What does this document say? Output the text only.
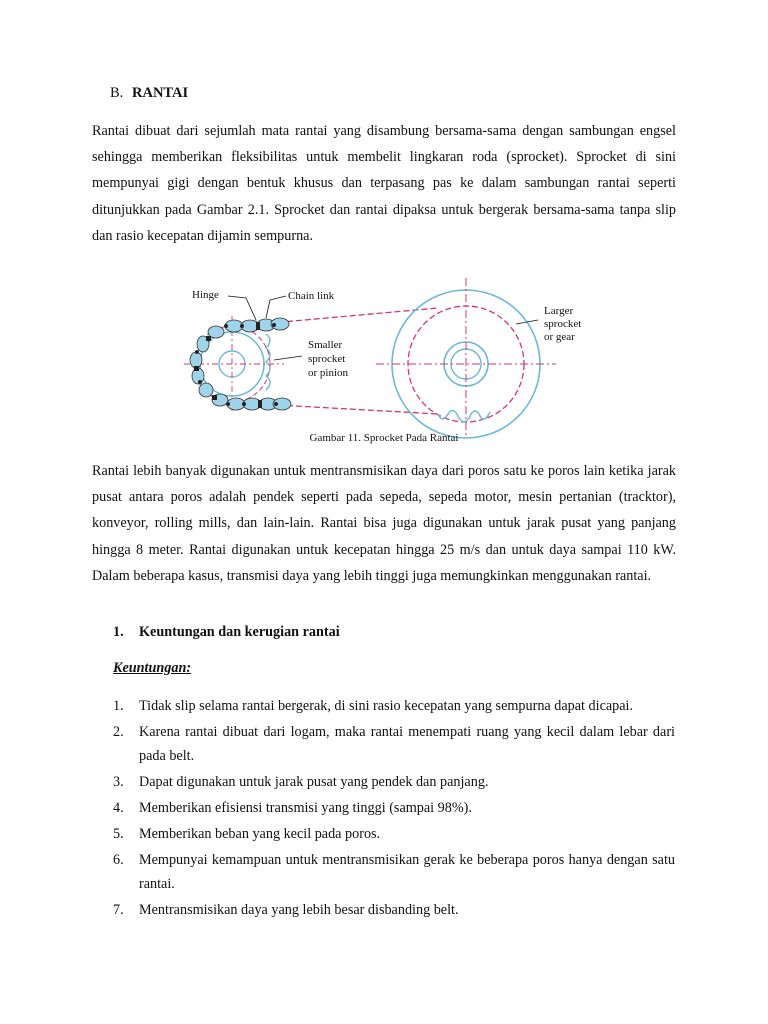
B. RANTAI

Rantai dibuat dari sejumlah mata rantai yang disambung bersama-sama dengan sambungan engsel sehingga memberikan fleksibilitas untuk membelit lingkaran roda (sprocket). Sprocket di sini mempunyai gigi dengan bentuk khusus dan terpasang pas ke dalam sambungan rantai seperti ditunjukkan pada Gambar 2.1. Sprocket dan rantai dipaksa untuk bergerak bersama-sama tanpa slip dan rasio kecepatan dijamin sempurna.

Hinge	Chain link
Smaller
sprocket
or pinion
Larger
sprocket
or gear
Gambar 11. Sprocket Pada Rantai

Rantai lebih banyak digunakan untuk mentransmisikan daya dari poros satu ke poros lain ketika jarak pusat antara poros adalah pendek seperti pada sepeda, sepeda motor, mesin pertanian (tracktor), konveyor, rolling mills, dan lain-lain. Rantai bisa juga digunakan untuk jarak pusat yang panjang hingga 8 meter. Rantai digunakan untuk kecepatan hingga 25 m/s dan untuk daya sampai 110 kW. Dalam beberapa kasus, transmisi daya yang lebih tinggi juga memungkinkan menggunakan rantai.

1. Keuntungan dan kerugian rantai
Keuntungan:
1. Tidak slip selama rantai bergerak, di sini rasio kecepatan yang sempurna dapat dicapai.
2. Karena rantai dibuat dari logam, maka rantai menempati ruang yang kecil dalam lebar dari pada belt.
3. Dapat digunakan untuk jarak pusat yang pendek dan panjang.
4. Memberikan efisiensi transmisi yang tinggi (sampai 98%).
5. Memberikan beban yang kecil pada poros.
6. Mempunyai kemampuan untuk mentransmisikan gerak ke beberapa poros hanya dengan satu rantai.
7. Mentransmisikan daya yang lebih besar disbanding belt.
